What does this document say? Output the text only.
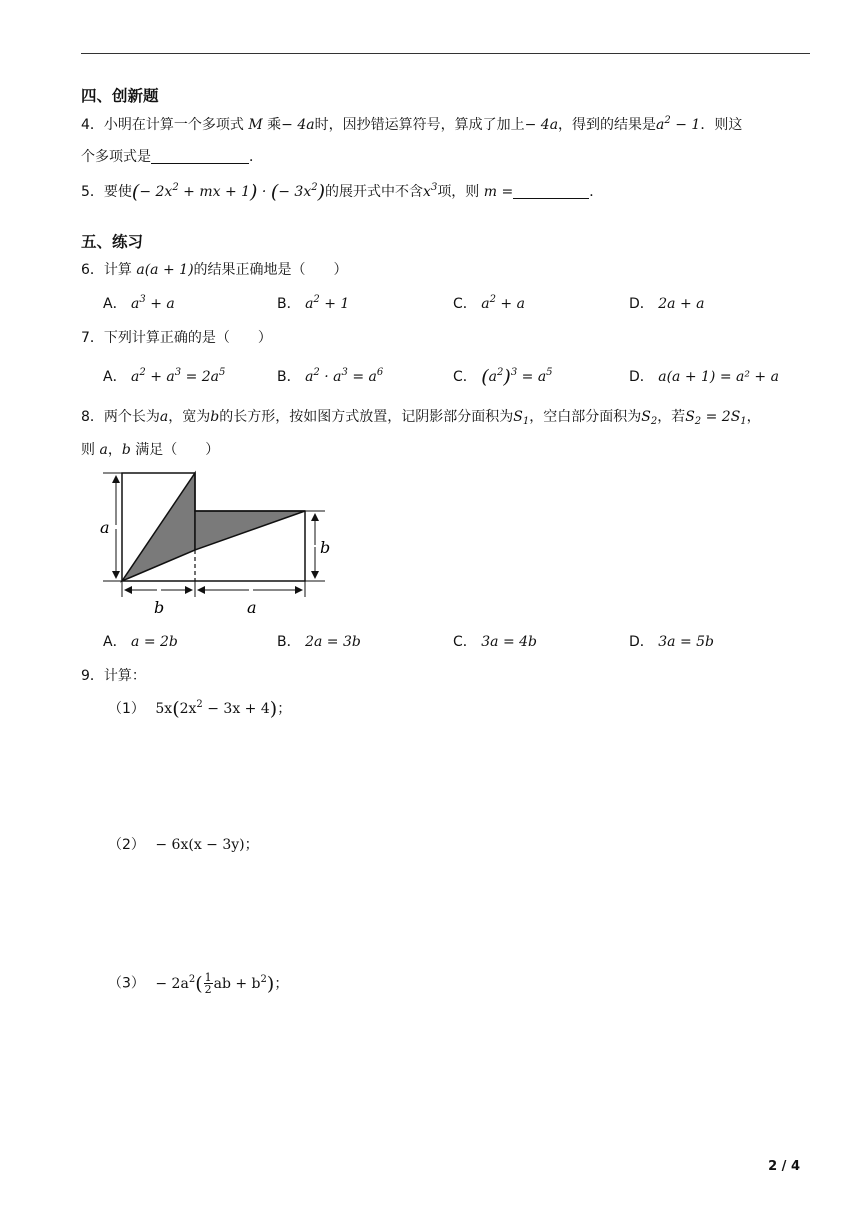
四、创新题
4．小明在计算一个多项式 M 乘− 4a时，因抄错运算符号，算成了加上− 4a，得到的结果是$a^2 - 1$．则这
个多项式是	．
5．要使(− $2x^2$ + mx + 1) · (− $3x^2$)的展开式中不含$x^3$项，则 m =	．
五、练习
6．计算 a(a + 1)的结果正确地是（　　）
A． $a^3 + a$	B． $a^2 + 1$	C． $a^2 + a$	D． 2a + a
7．下列计算正确的是（　　）
A． $a^2 + a^3 = 2a^5$	B． $a^2 \cdot a^3 = a^6$	C． $(a^2)^3 = a^5$	D． a(a + 1) = a² + a
8．两个长为a，宽为b的长方形，按如图方式放置，记阴影部分面积为$S_1$，空白部分面积为$S_2$，若$S_2 = 2S_1$，
则 a，b 满足（　　）
a
b
b	a
A． a = 2b	B． 2a = 3b	C． 3a = 4b	D． 3a = 5b
9．计算：
（1） $5x(2x^2 - 3x + 4)$；
（2） − 6x(x − 3y)；
$(3) - 2a^2( \frac{1}{2}$ ab + $b^2$)；
2 / 4
